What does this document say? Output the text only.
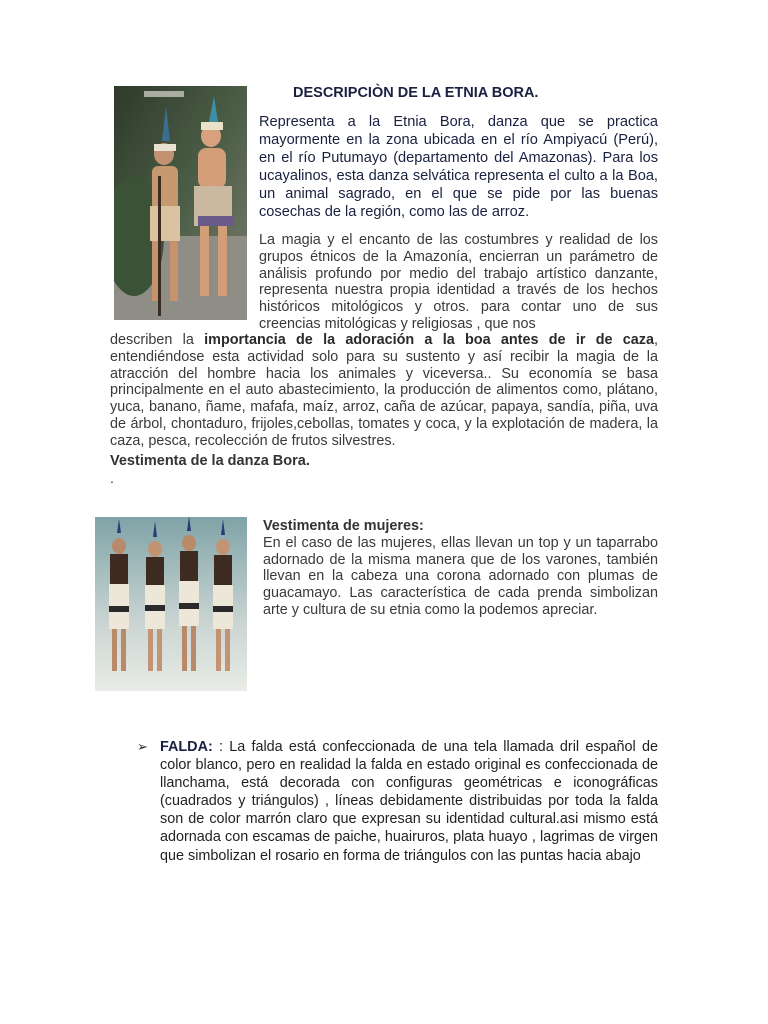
DESCRIPCIÒN DE LA ETNIA BORA.
Representa a la Etnia Bora, danza que se practica mayormente en la zona ubicada en el río Ampiyacú (Perú), en el río Putumayo (departamento del Amazonas). Para los ucayalinos, esta danza selvática representa el culto a la Boa, un animal sagrado, en el que se pide por las buenas cosechas de la región, como las de arroz.
La magia y el encanto de las costumbres y realidad de los grupos étnicos de la Amazonía, encierran un parámetro de análisis profundo por medio del trabajo artístico danzante, representa nuestra propia identidad a través de los hechos históricos mitológicos y otros. para contar uno de sus creencias mitológicas y religiosas , que nos
describen la importancia de la adoración a la boa antes de ir de caza, entendiéndose esta actividad solo para su sustento y así recibir la magia de la atracción del hombre hacia los animales y viceversa.. Su economía se basa principalmente en el auto abastecimiento, la producción de alimentos como, plátano, yuca, banano, ñame, mafafa, maíz, arroz, caña de azúcar, papaya, sandía, piña, uva de árbol, chontaduro, frijoles,cebollas, tomates y coca, y la explotación de madera, la caza, pesca, recolección de frutos silvestres.
Vestimenta de la danza Bora.
.
Vestimenta de mujeres:
En el caso de las mujeres, ellas llevan un top y un taparrabo adornado de la misma manera que de los varones, también llevan en la cabeza una corona adornado con plumas de guacamayo. Las característica de cada prenda simbolizan arte y cultura de su etnia como la podemos apreciar.
➢ FALDA: : La falda está confeccionada de una tela llamada dril español de color blanco, pero en realidad la falda en estado original es confeccionada de llanchama, está decorada con configuras geométricas e iconográficas (cuadrados y triángulos) , líneas debidamente distribuidas por toda la falda son de color marrón claro que expresan su identidad cultural.asi mismo está adornada con escamas de paiche, huairuros, plata huayo , lagrimas de virgen que simbolizan el rosario en forma de triángulos con las puntas hacia abajo
